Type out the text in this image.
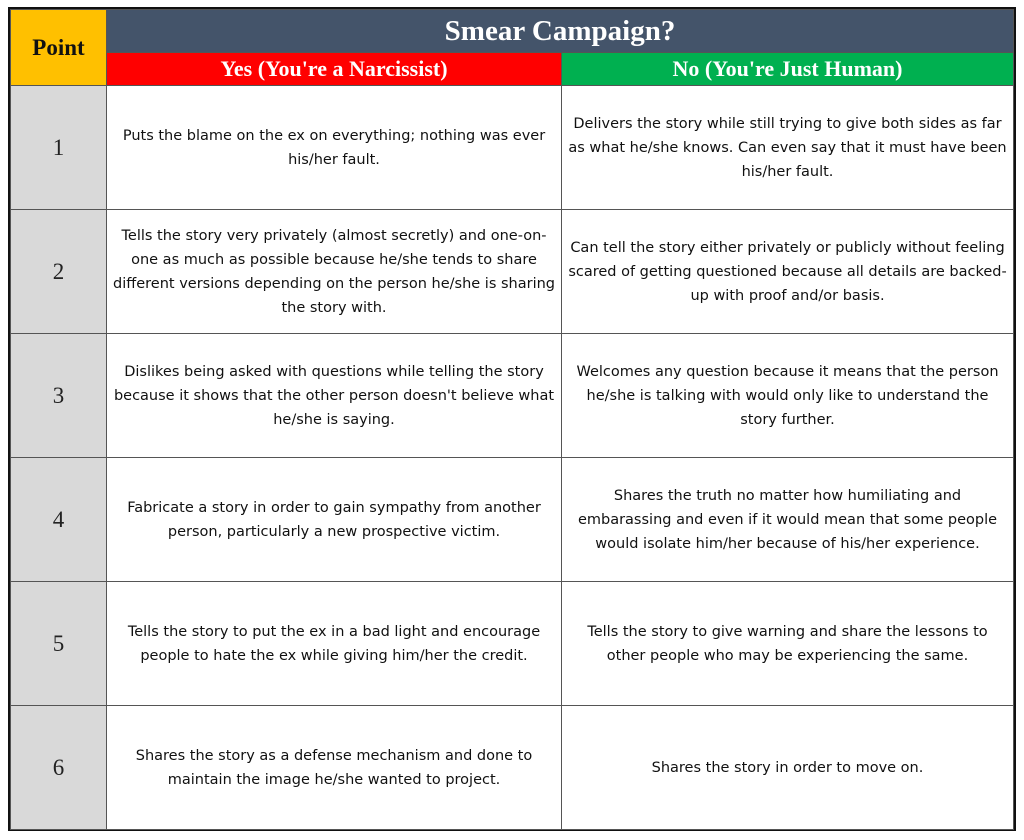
Point	Smear Campaign?	
	Yes (You're a Narcissist)	No (You're Just Human)
1	Puts the blame on the ex on everything; nothing was ever his/her fault.	Delivers the story while still trying to give both sides as far as what he/she knows. Can even say that it must have been his/her fault.
2	Tells the story very privately (almost secretly) and one-on-one as much as possible because he/she tends to share different versions depending on the person he/she is sharing the story with.	Can tell the story either privately or publicly without feeling scared of getting questioned because all details are backed-up with proof and/or basis.
3	Dislikes being asked with questions while telling the story because it shows that the other person doesn't believe what he/she is saying.	Welcomes any question because it means that the person he/she is talking with would only like to understand the story further.
4	Fabricate a story in order to gain sympathy from another person, particularly a new prospective victim.	Shares the truth no matter how humiliating and embarassing and even if it would mean that some people would isolate him/her because of his/her experience.
5	Tells the story to put the ex in a bad light and encourage people to hate the ex while giving him/her the credit.	Tells the story to give warning and share the lessons to other people who may be experiencing the same.
6	Shares the story as a defense mechanism and done to maintain the image he/she wanted to project.	Shares the story in order to move on.
